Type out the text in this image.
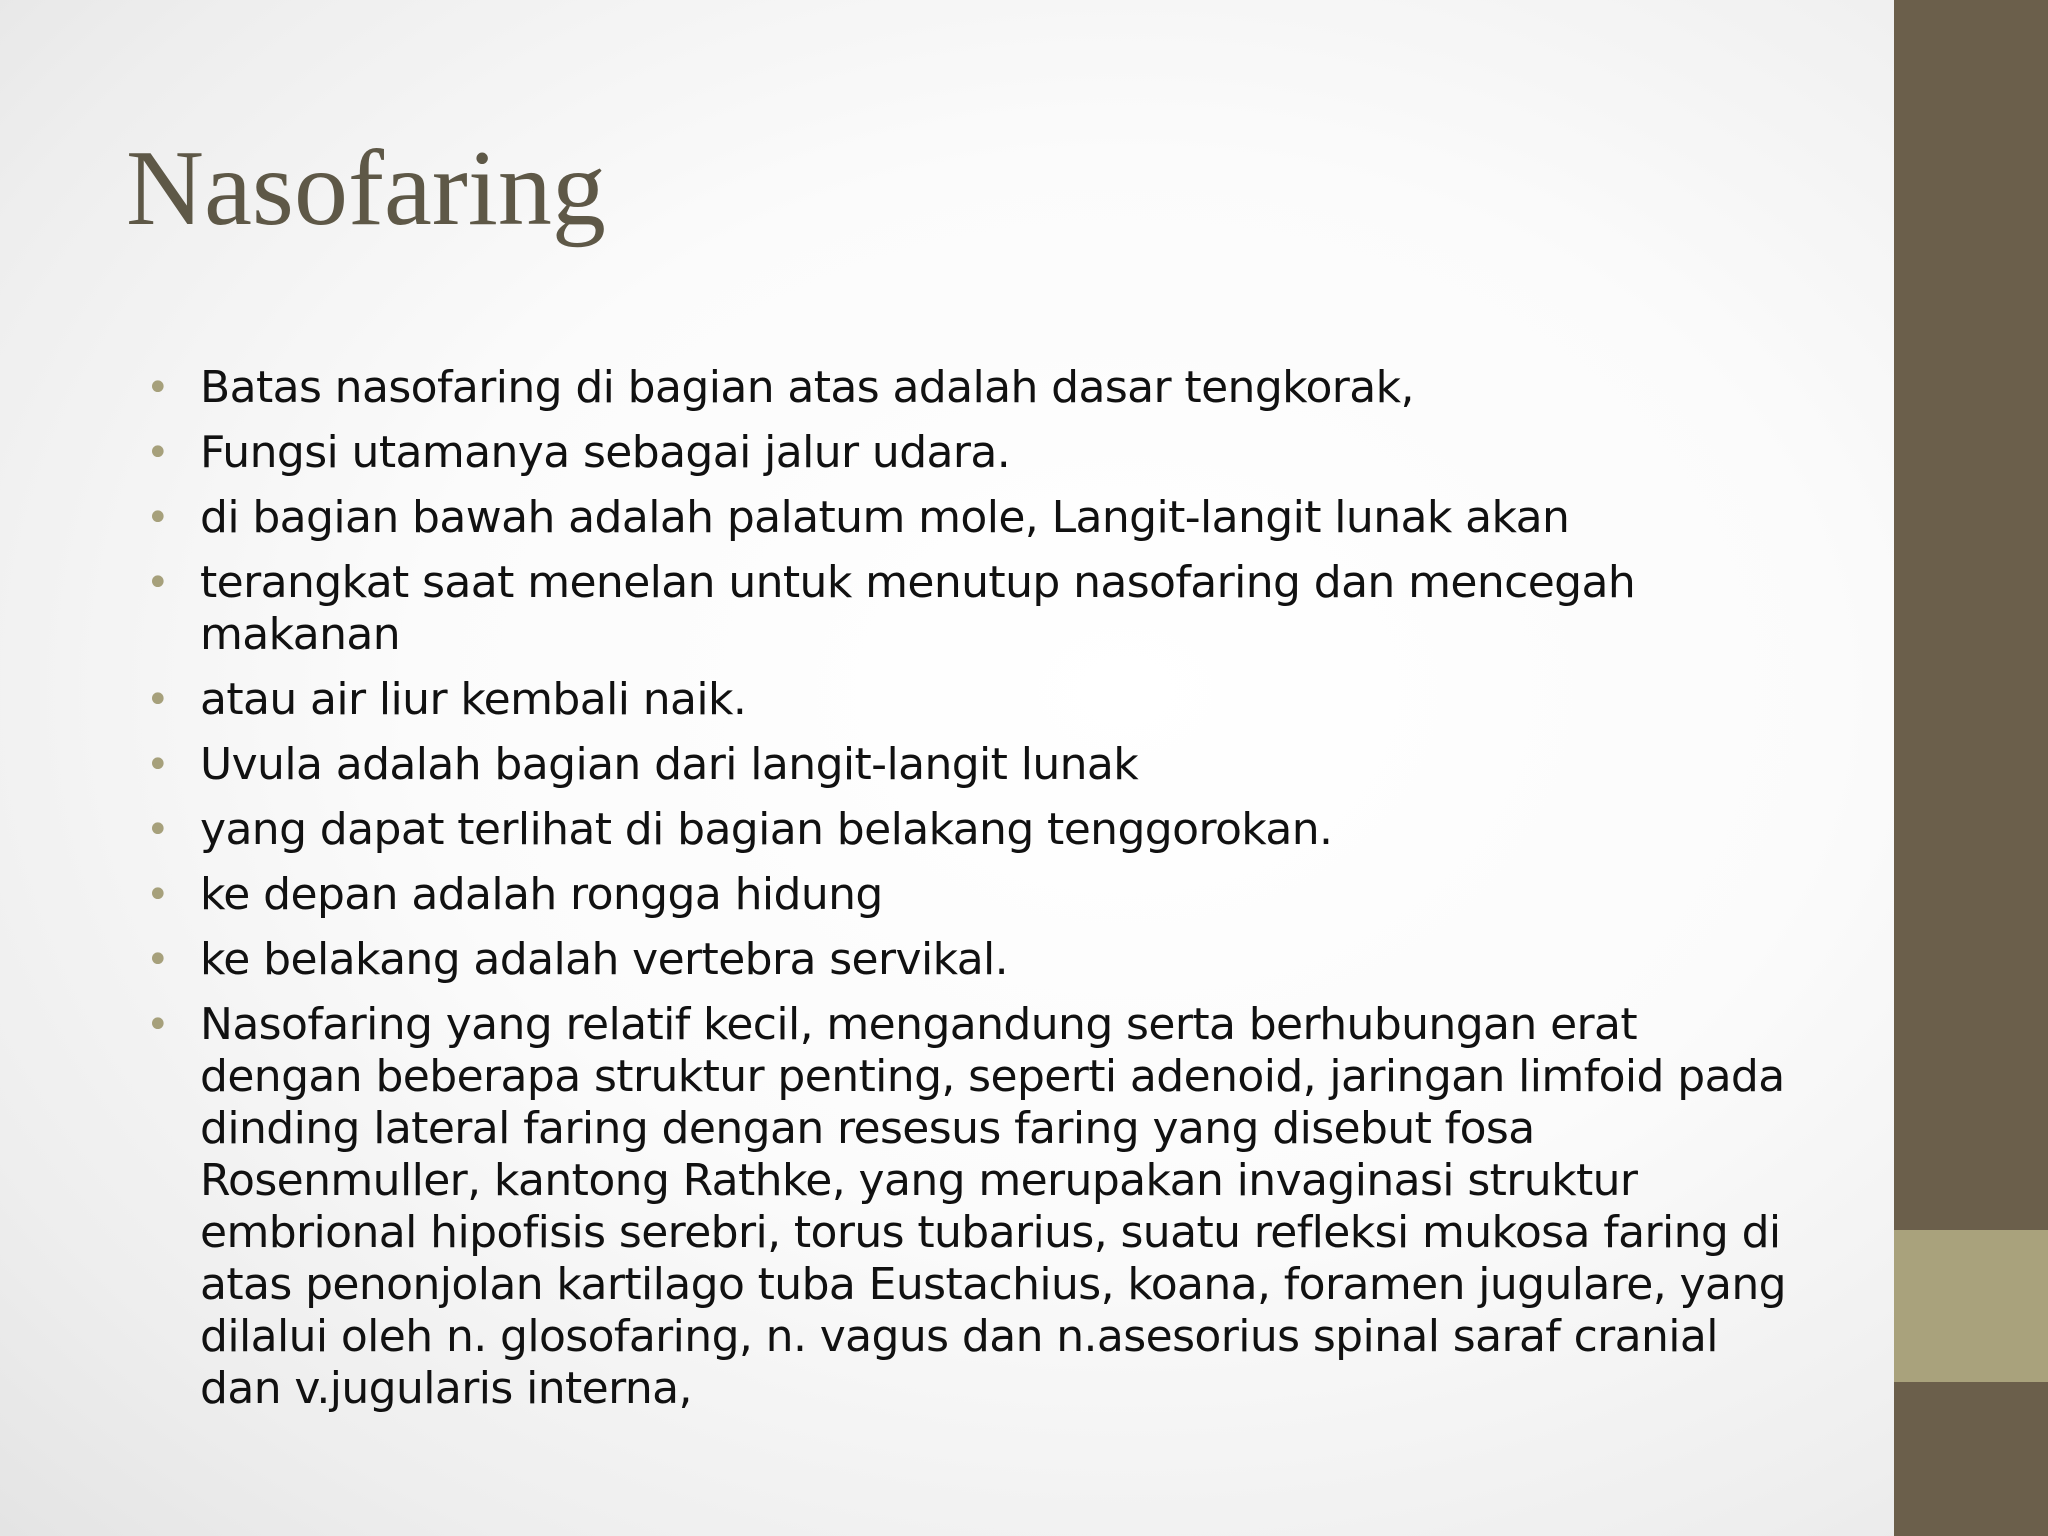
Nasofaring
• Batas nasofaring di bagian atas adalah dasar tengkorak,
• Fungsi utamanya sebagai jalur udara.
• di bagian bawah adalah palatum mole, Langit-langit lunak akan
• terangkat saat menelan untuk menutup nasofaring dan mencegah makanan
• atau air liur kembali naik.
• Uvula adalah bagian dari langit-langit lunak
• yang dapat terlihat di bagian belakang tenggorokan.
• ke depan adalah rongga hidung
• ke belakang adalah vertebra servikal.
• Nasofaring yang relatif kecil, mengandung serta berhubungan erat dengan beberapa struktur penting, seperti adenoid, jaringan limfoid pada dinding lateral faring dengan resesus faring yang disebut fosa Rosenmuller, kantong Rathke, yang merupakan invaginasi struktur embrional hipofisis serebri, torus tubarius, suatu refleksi mukosa faring di atas penonjolan kartilago tuba Eustachius, koana, foramen jugulare, yang dilalui oleh n. glosofaring, n. vagus dan n.asesorius spinal saraf cranial dan v.jugularis interna,
